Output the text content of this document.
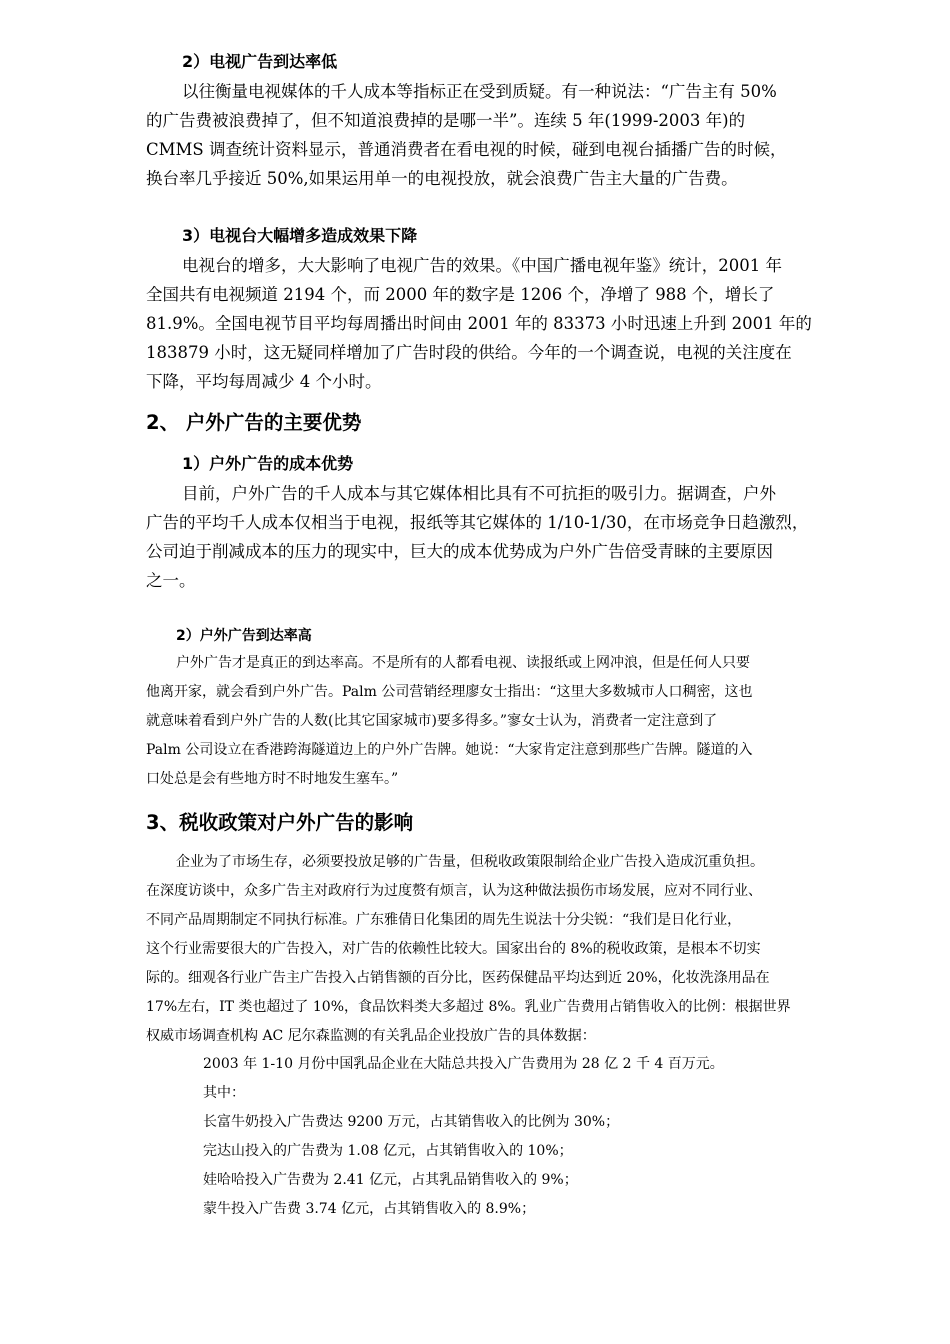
2）电视广告到达率低
以往衡量电视媒体的千人成本等指标正在受到质疑。有一种说法：“广告主有 50%
的广告费被浪费掉了，但不知道浪费掉的是哪一半”。连续 5 年(1999-2003 年)的
CMMS 调查统计资料显示，普通消费者在看电视的时候，碰到电视台插播广告的时候，
换台率几乎接近 50%,如果运用单一的电视投放，就会浪费广告主大量的广告费。
3）电视台大幅增多造成效果下降
电视台的增多，大大影响了电视广告的效果。《中国广播电视年鉴》统计，2001 年
全国共有电视频道 2194 个，而 2000 年的数字是 1206 个，净增了 988 个，增长了
81.9%。全国电视节目平均每周播出时间由 2001 年的 83373 小时迅速上升到 2001 年的
183879 小时，这无疑同样增加了广告时段的供给。今年的一个调查说，电视的关注度在
下降，平均每周减少 4 个小时。
2、 户外广告的主要优势
1）户外广告的成本优势
目前，户外广告的千人成本与其它媒体相比具有不可抗拒的吸引力。据调查，户外
广告的平均千人成本仅相当于电视，报纸等其它媒体的 1/10-1/30，在市场竞争日趋激烈，
公司迫于削减成本的压力的现实中，巨大的成本优势成为户外广告倍受青睐的主要原因
之一。
2）户外广告到达率高
户外广告才是真正的到达率高。不是所有的人都看电视、读报纸或上网冲浪，但是任何人只要
他离开家，就会看到户外广告。Palm 公司营销经理廖女士指出：“这里大多数城市人口稠密，这也
就意味着看到户外广告的人数(比其它国家城市)要多得多。”寥女士认为，消费者一定注意到了
Palm 公司设立在香港跨海隧道边上的户外广告牌。她说：“大家肯定注意到那些广告牌。隧道的入
口处总是会有些地方时不时地发生塞车。”
3、税收政策对户外广告的影响
企业为了市场生存，必须要投放足够的广告量，但税收政策限制给企业广告投入造成沉重负担。
在深度访谈中，众多广告主对政府行为过度赘有烦言，认为这种做法损伤市场发展，应对不同行业、
不同产品周期制定不同执行标准。广东雅倩日化集团的周先生说法十分尖锐：“我们是日化行业，
这个行业需要很大的广告投入，对广告的依赖性比较大。国家出台的 8%的税收政策，是根本不切实
际的。细观各行业广告主广告投入占销售额的百分比，医药保健品平均达到近 20%，化妆洗涤用品在
17%左右，IT 类也超过了 10%，食品饮料类大多超过 8%。乳业广告费用占销售收入的比例：根据世界
权威市场调查机构 AC 尼尔森监测的有关乳品企业投放广告的具体数据：
2003 年 1-10 月份中国乳品企业在大陆总共投入广告费用为 28 亿 2 千 4 百万元。
其中：
长富牛奶投入广告费达 9200 万元，占其销售收入的比例为 30%；
完达山投入的广告费为 1.08 亿元，占其销售收入的 10%；
娃哈哈投入广告费为 2.41 亿元，占其乳品销售收入的 9%；
蒙牛投入广告费 3.74 亿元，占其销售收入的 8.9%；
